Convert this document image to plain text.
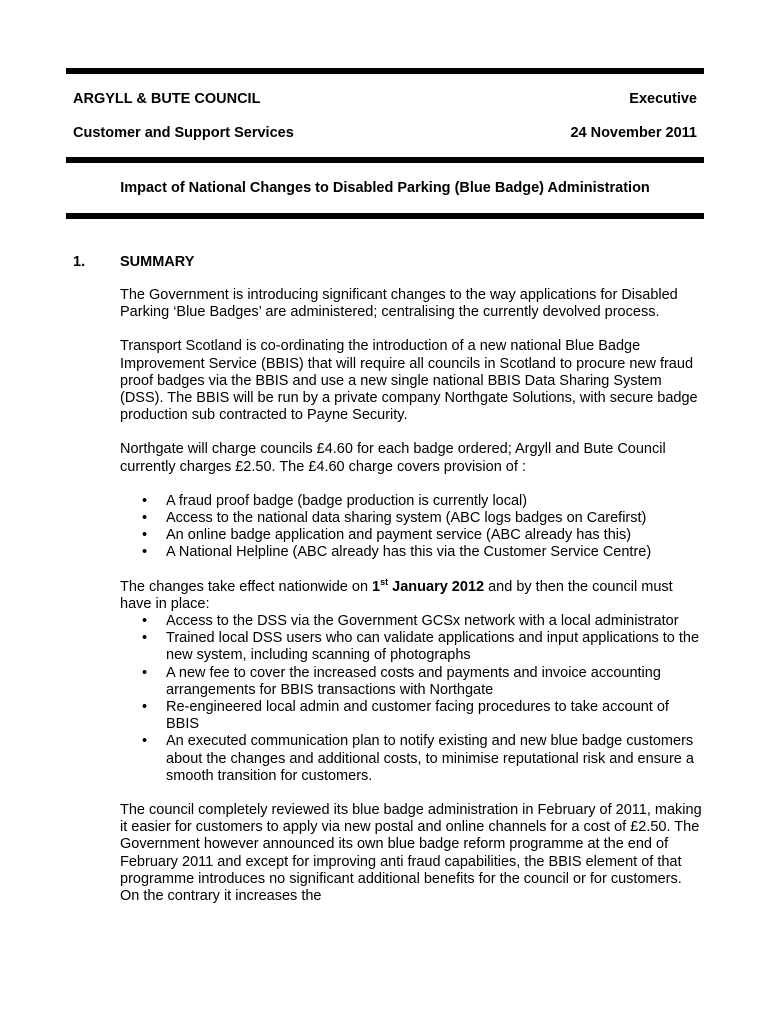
ARGYLL & BUTE COUNCIL	Executive
Customer and Support Services	24 November 2011
Impact of National Changes to Disabled Parking (Blue Badge) Administration
1. SUMMARY

The Government is introducing significant changes to the way applications for Disabled Parking ‘Blue Badges’ are administered; centralising the currently devolved process.

Transport Scotland is co-ordinating the introduction of a new national Blue Badge Improvement Service (BBIS) that will require all councils in Scotland to procure new fraud proof badges via the BBIS and use a new single national BBIS Data Sharing System (DSS). The BBIS will be run by a private company Northgate Solutions, with secure badge production sub contracted to Payne Security.

Northgate will charge councils £4.60 for each badge ordered; Argyll and Bute Council currently charges £2.50. The £4.60 charge covers provision of :

• A fraud proof badge (badge production is currently local)
• Access to the national data sharing system (ABC logs badges on Carefirst)
• An online badge application and payment service (ABC already has this)
• A National Helpline (ABC already has this via the Customer Service Centre)

The changes take effect nationwide on 1st January 2012 and by then the council must have in place:

• Access to the DSS via the Government GCSx network with a local administrator
• Trained local DSS users who can validate applications and input applications to the new system, including scanning of photographs
• A new fee to cover the increased costs and payments and invoice accounting arrangements for BBIS transactions with Northgate
• Re-engineered local admin and customer facing procedures to take account of BBIS
• An executed communication plan to notify existing and new blue badge customers about the changes and additional costs, to minimise reputational risk and ensure a smooth transition for customers.

The council completely reviewed its blue badge administration in February of 2011, making it easier for customers to apply via new postal and online channels for a cost of £2.50. The Government however announced its own blue badge reform programme at the end of February 2011 and except for improving anti fraud capabilities, the BBIS element of that programme introduces no significant additional benefits for the council or for customers. On the contrary it increases the
